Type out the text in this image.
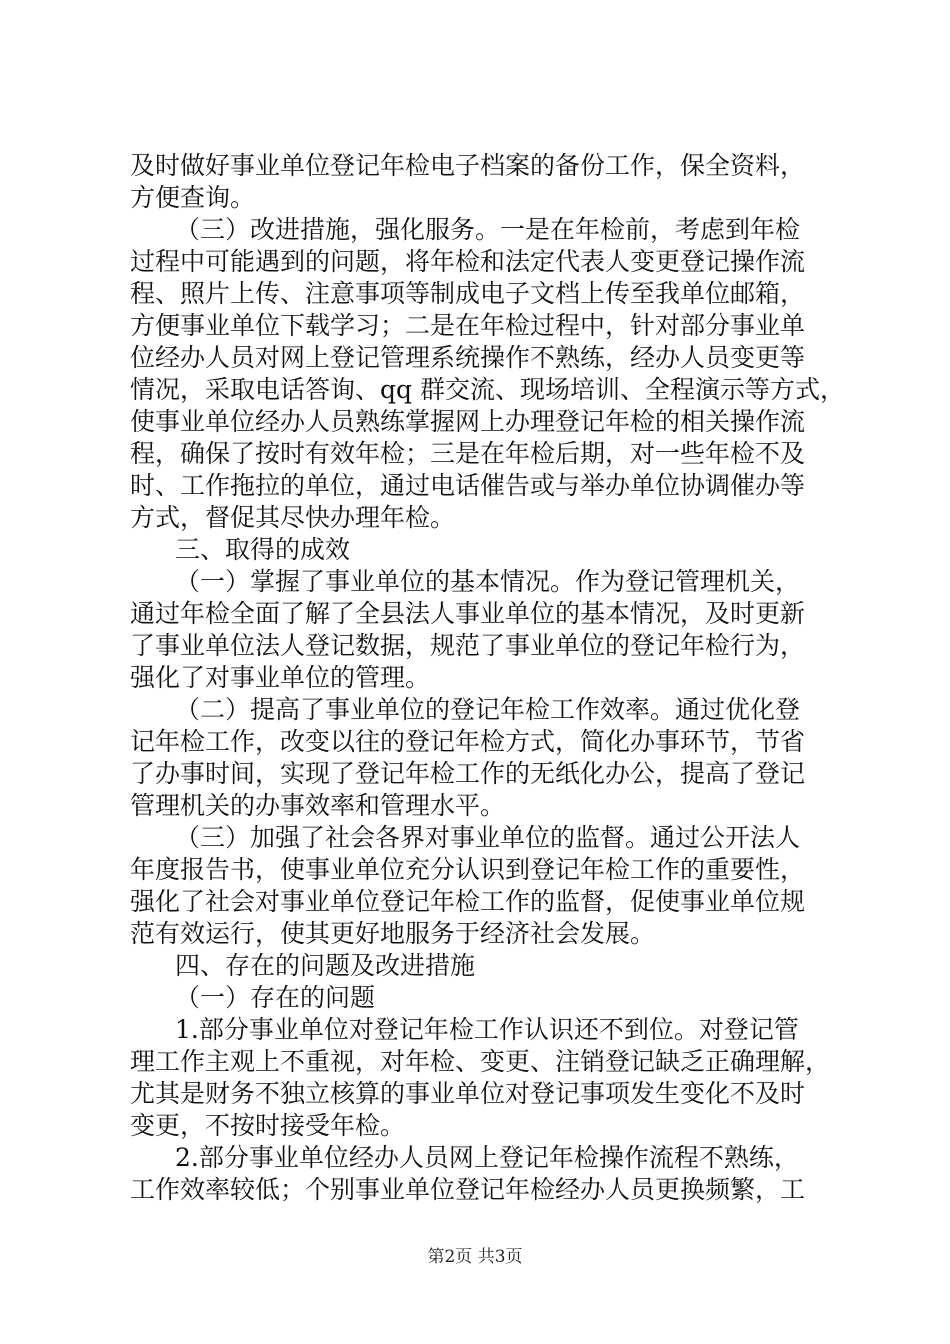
及时做好事业单位登记年检电子档案的备份工作，保全资料，
方便查询。
（三）改进措施，强化服务。一是在年检前，考虑到年检
过程中可能遇到的问题，将年检和法定代表人变更登记操作流
程、照片上传、注意事项等制成电子文档上传至我单位邮箱，
方便事业单位下载学习；二是在年检过程中，针对部分事业单
位经办人员对网上登记管理系统操作不熟练，经办人员变更等
情况，采取电话答询、qq 群交流、现场培训、全程演示等方式，
使事业单位经办人员熟练掌握网上办理登记年检的相关操作流
程，确保了按时有效年检；三是在年检后期，对一些年检不及
时、工作拖拉的单位，通过电话催告或与举办单位协调催办等
方式，督促其尽快办理年检。
三、取得的成效
（一）掌握了事业单位的基本情况。作为登记管理机关，
通过年检全面了解了全县法人事业单位的基本情况，及时更新
了事业单位法人登记数据，规范了事业单位的登记年检行为，
强化了对事业单位的管理。
（二）提高了事业单位的登记年检工作效率。通过优化登
记年检工作，改变以往的登记年检方式，简化办事环节，节省
了办事时间，实现了登记年检工作的无纸化办公，提高了登记
管理机关的办事效率和管理水平。
（三）加强了社会各界对事业单位的监督。通过公开法人
年度报告书，使事业单位充分认识到登记年检工作的重要性，
强化了社会对事业单位登记年检工作的监督，促使事业单位规
范有效运行，使其更好地服务于经济社会发展。
四、存在的问题及改进措施
（一）存在的问题
1.部分事业单位对登记年检工作认识还不到位。对登记管
理工作主观上不重视，对年检、变更、注销登记缺乏正确理解，
尤其是财务不独立核算的事业单位对登记事项发生变化不及时
变更，不按时接受年检。
2.部分事业单位经办人员网上登记年检操作流程不熟练，
工作效率较低；个别事业单位登记年检经办人员更换频繁，工
第2页 共3页
